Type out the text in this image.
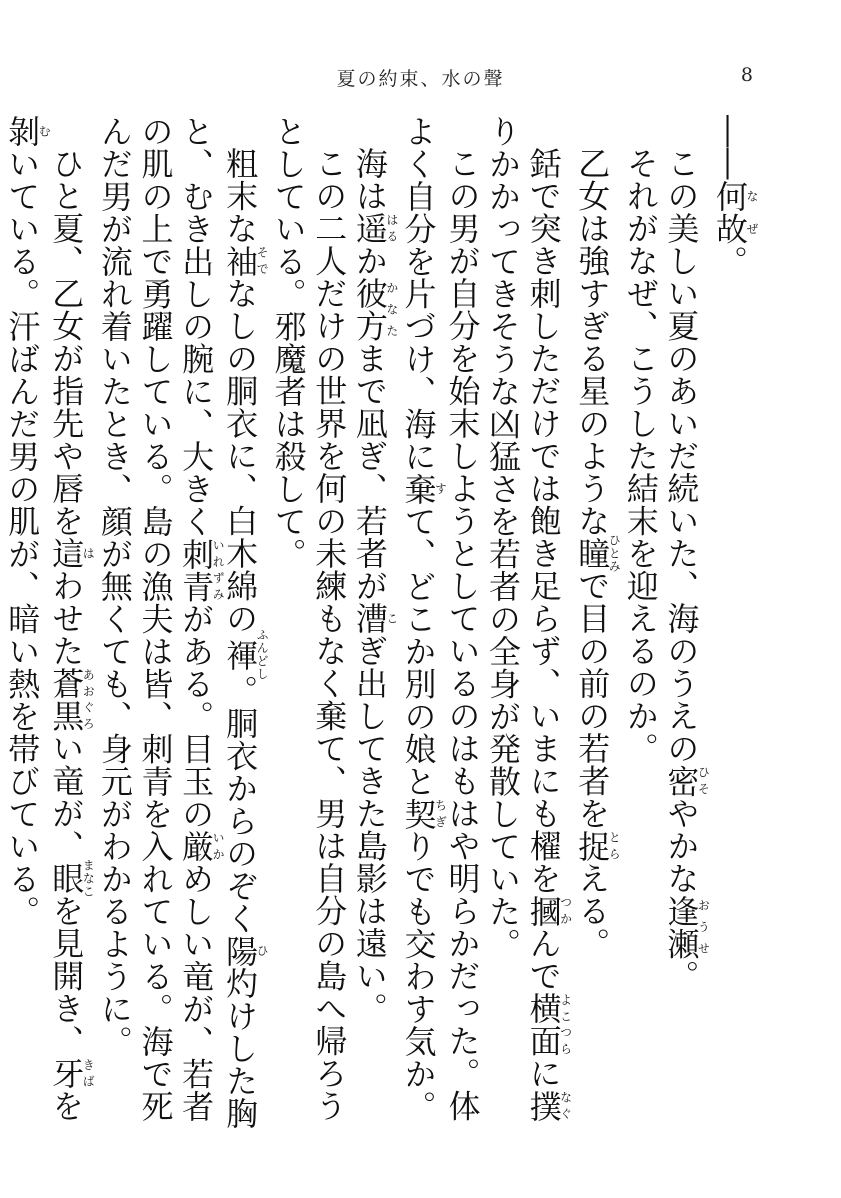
夏の約束、水の聲	8

――何故なぜ。

この美しい夏のあいだ続いた、海のうえの密ひそやかな逢瀬おうせ。

それがなぜ、こうした結末を迎えるのか。

乙女は強すぎる星のような瞳ひとみで目の前の若者を捉とらえる。

銛で突き刺しただけでは飽き足らず、いまにも櫂を摑つかんで横面よこつらに撲なぐりかかってきそうな凶猛さを若者の全身が発散していた。

この男が自分を始末しようとしているのはもはや明らかだった。体よく自分を片づけ、海に棄すて、どこか別の娘と契ちぎりでも交わす気か。

海は遥はるか彼方かなたまで凪ぎ、若者が漕こぎ出してきた島影は遠い。

この二人だけの世界を何の未練もなく棄て、男は自分の島へ帰ろうとしている。邪魔者は殺して。

粗末な袖そでなしの胴衣に、白木綿の褌ふんどし。胴衣からのぞく陽ひ灼けした胸と、むき出しの腕に、大きく刺青いれずみがある。目玉の厳いかめしい竜が、若者の肌の上で勇躍している。島の漁夫は皆、刺青を入れている。海で死んだ男が流れ着いたとき、顔が無くても、身元がわかるように。

ひと夏、乙女が指先や唇を這はわせた蒼黒あおぐろい竜が、眼まなこを見開き、牙きばを剝むいている。汗ばんだ男の肌が、暗い熱を帯びている。
